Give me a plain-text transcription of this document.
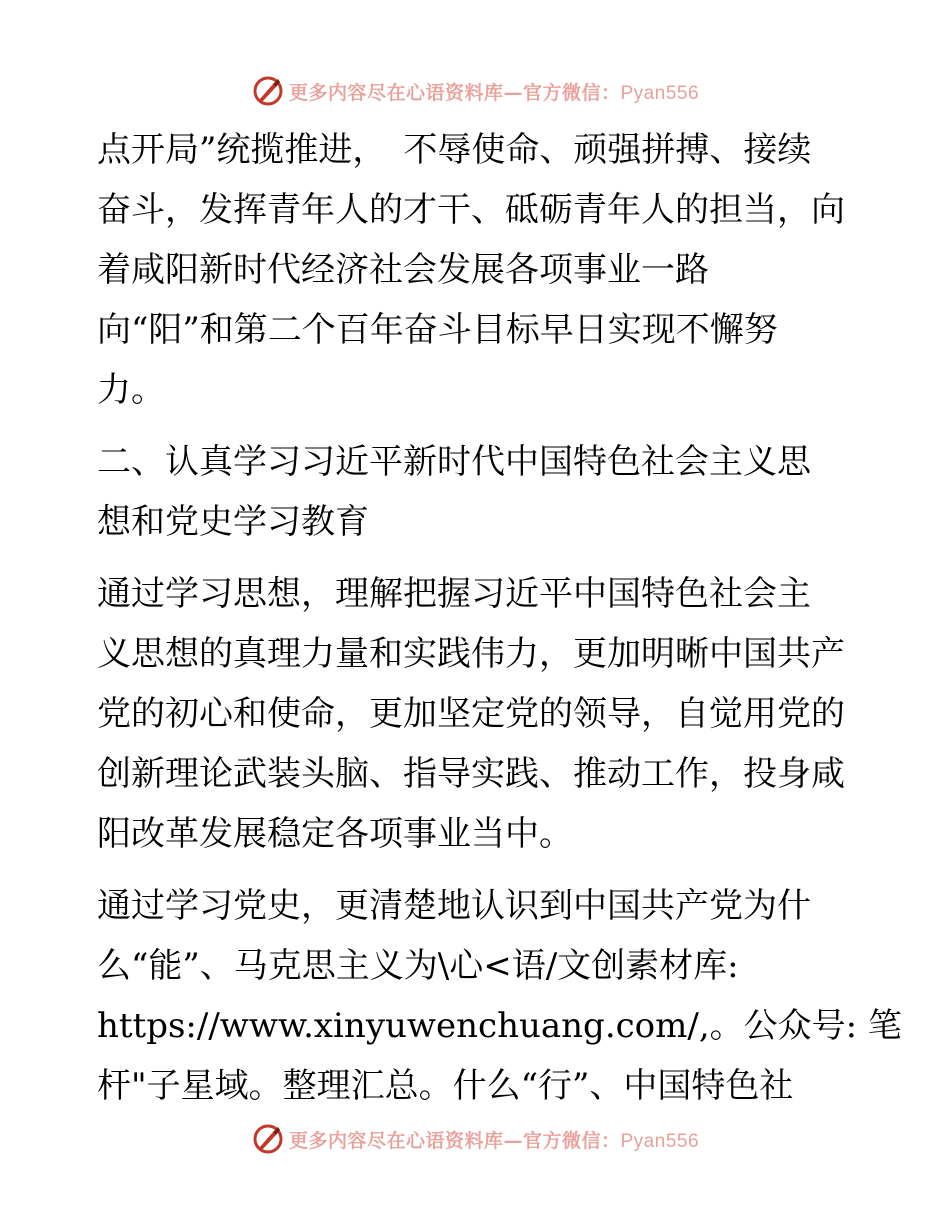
更多内容尽在心语资料库—官方微信：Pyan556

点开局”统揽推进，　不辱使命、顽强拼搏、接续

奋斗，发挥青年人的才干、砥砺青年人的担当，向

着咸阳新时代经济社会发展各项事业一路

向“阳”和第二个百年奋斗目标早日实现不懈努

力。

二、认真学习习近平新时代中国特色社会主义思

想和党史学习教育

通过学习思想，理解把握习近平中国特色社会主

义思想的真理力量和实践伟力，更加明晰中国共产

党的初心和使命，更加坚定党的领导，自觉用党的

创新理论武装头脑、指导实践、推动工作，投身咸

阳改革发展稳定各项事业当中。

通过学习党史，更清楚地认识到中国共产党为什

么“能”、马克思主义为\心<语/文创素材库:

https://www.xinyuwenchuang.com/,。公众号: 笔

杆"子星域。整理汇总。什么“行”、中国特色社

更多内容尽在心语资料库—官方微信：Pyan556
